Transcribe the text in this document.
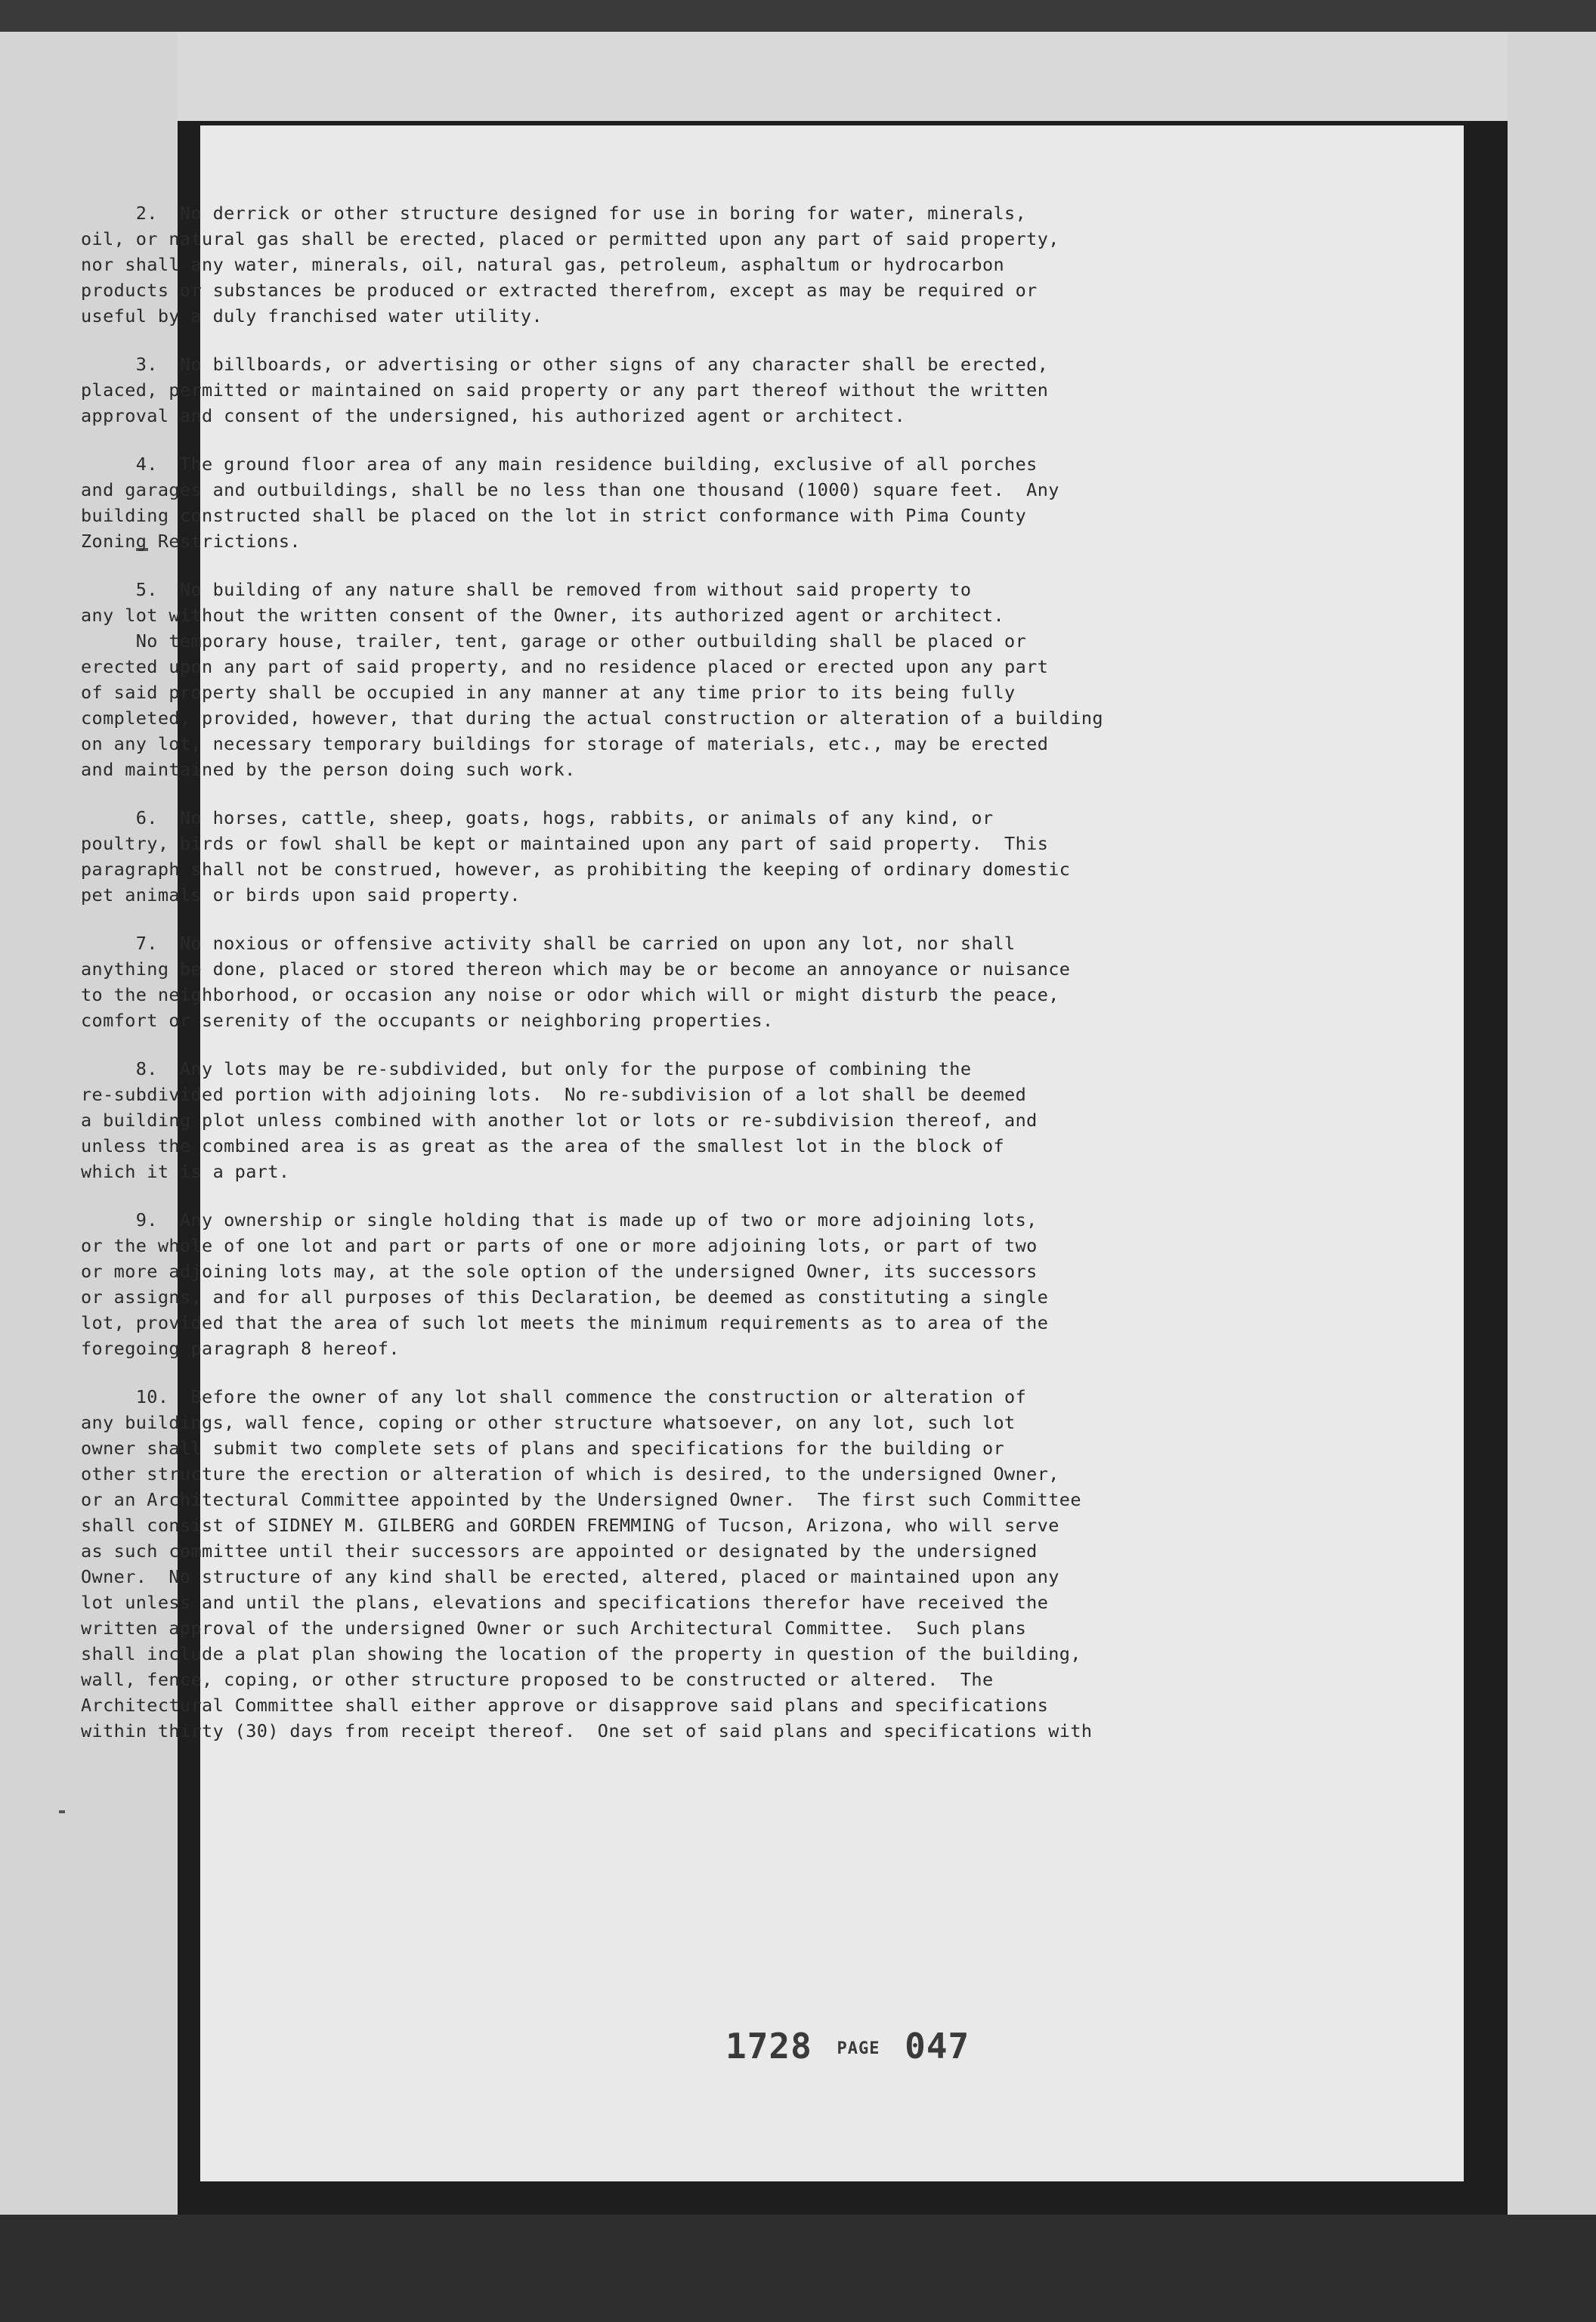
2.  No derrick or other structure designed for use in boring for water, minerals,
oil, or natural gas shall be erected, placed or permitted upon any part of said property,
nor shall any water, minerals, oil, natural gas, petroleum, asphaltum or hydrocarbon
products or substances be produced or extracted therefrom, except as may be required or
useful by a duly franchised water utility.
3.  No billboards, or advertising or other signs of any character shall be erected,
placed, permitted or maintained on said property or any part thereof without the written
approval and consent of the undersigned, his authorized agent or architect.
4.  The ground floor area of any main residence building, exclusive of all porches
and garages and outbuildings, shall be no less than one thousand (1000) square feet.  Any
building constructed shall be placed on the lot in strict conformance with Pima County
Zoning Restrictions.
5.  No building of any nature shall be removed from without said property to
any lot without the written consent of the Owner, its authorized agent or architect.
No temporary house, trailer, tent, garage or other outbuilding shall be placed or
erected upon any part of said property, and no residence placed or erected upon any part
of said property shall be occupied in any manner at any time prior to its being fully
completed, provided, however, that during the actual construction or alteration of a building
on any lot, necessary temporary buildings for storage of materials, etc., may be erected
and maintained by the person doing such work.
6.  No horses, cattle, sheep, goats, hogs, rabbits, or animals of any kind, or
poultry, birds or fowl shall be kept or maintained upon any part of said property.  This
paragraph shall not be construed, however, as prohibiting the keeping of ordinary domestic
pet animals or birds upon said property.
7.  No noxious or offensive activity shall be carried on upon any lot, nor shall
anything be done, placed or stored thereon which may be or become an annoyance or nuisance
to the neighborhood, or occasion any noise or odor which will or might disturb the peace,
comfort or serenity of the occupants or neighboring properties.
8.  Any lots may be re-subdivided, but only for the purpose of combining the
re-subdivided portion with adjoining lots.  No re-subdivision of a lot shall be deemed
a building plot unless combined with another lot or lots or re-subdivision thereof, and
unless the combined area is as great as the area of the smallest lot in the block of
which it is a part.
9.  Any ownership or single holding that is made up of two or more adjoining lots,
or the whole of one lot and part or parts of one or more adjoining lots, or part of two
or more adjoining lots may, at the sole option of the undersigned Owner, its successors
or assigns, and for all purposes of this Declaration, be deemed as constituting a single
lot, provided that the area of such lot meets the minimum requirements as to area of the
foregoing paragraph 8 hereof.
10.  Before the owner of any lot shall commence the construction or alteration of
any buildings, wall fence, coping or other structure whatsoever, on any lot, such lot
owner shall submit two complete sets of plans and specifications for the building or
other structure the erection or alteration of which is desired, to the undersigned Owner,
or an Architectural Committee appointed by the Undersigned Owner.  The first such Committee
shall consist of SIDNEY M. GILBERG and GORDEN FREMMING of Tucson, Arizona, who will serve
as such committee until their successors are appointed or designated by the undersigned
Owner.  No structure of any kind shall be erected, altered, placed or maintained upon any
lot unless and until the plans, elevations and specifications therefor have received the
written approval of the undersigned Owner or such Architectural Committee.  Such plans
shall include a plat plan showing the location of the property in question of the building,
wall, fence, coping, or other structure proposed to be constructed or altered.  The
Architectural Committee shall either approve or disapprove said plans and specifications
within thirty (30) days from receipt thereof.  One set of said plans and specifications with
1728 PAGE 047
